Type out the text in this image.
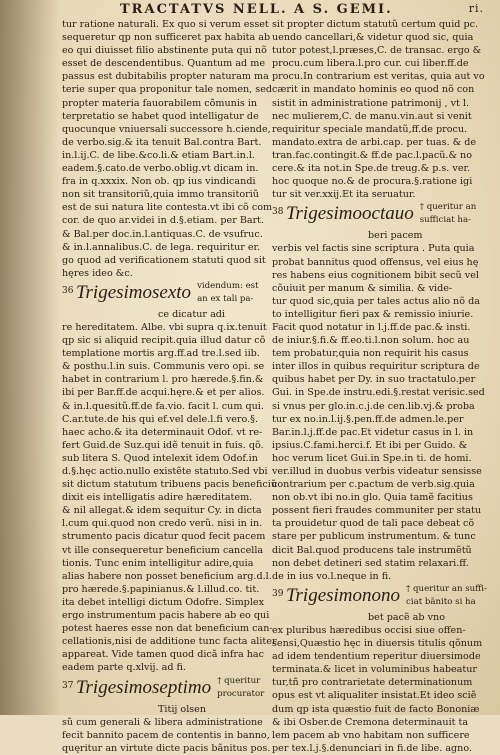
TRACTATVS NELL. A S. GEMI.	ri.
tur ratione naturali. Ex quo si verum esset
sequeretur qp non sufficeret pax habita ab
eo qui diuisset filio abstinente puta qui nõ
esset de descendentibus. Quantum ad me
passus est dubitabilis propter naturam ma
terie super qua proponitur tale nomen, sed
propter materia fauorabilem cõmunis in
terpretatio se habet quod intelligatur de
quocunque vniuersali successore h.ciende,
de verbo.sig.& ita tenuit Bal.contra Bart.
in.l.ij.C. de libe.&co.li.& etiam Bart.in.l.
eadem.§.cato.de verbo.oblig.vt dicam in.
fra in q.xxxix. Non ob. qp ius vindicandi
non sit transitoriũ,quia immo transitoriũ
est de sui natura lite contesta.vt ibi cõ com
cor. de quo ar.videi in d.§.etiam. per Bart.
& Bal.per doc.in.l.antiquas.C. de vsufruc.
& in.l.annalibus.C. de lega. requiritur er.
go quod ad verificationem statuti quod sit
hęres ideo &c.
36 Trigesimosexto videndum: est
an ex tali pa-
ce dicatur adi
re hereditatem. Albe. vbi supra q.ix.tenuit
qp sic si aliquid recipit.quia illud datur cõ
templatione mortis arg.ff.ad tre.l.sed iib.
& posthu.l.in suis. Communis vero opi. se
habet in contrarium l. pro hærede.§.fin.&
ibi per Bar.ff.de acqui.hęre.& et per alios.
& in.l.quesitũ.ff.de fa.vio. facit l. cum qui.
C.ar.tute.de his qui ef.vel dele.l.fi vero.§.
haec acho.& ita determinauit Odof. vt re-
fert Guid.de Suz.qui idẽ tenuit in fuis. qõ.
sub litera S. Quod intelexit idem Odof.in
d.§.hęc actio.nullo existẽte statuto.Sed vbi
sit dictum statutum tribuens pacis beneficiũ
dixit eis intelligatis adire hæreditatem.
& nil allegat.& idem sequitur Cy. in dicta
l.cum qui.quod non credo verũ. nisi in in.
strumento pacis dicatur quod fecit pacem
vt ille consequeretur beneficium cancella
tionis. Tunc enim intelligitur adire,quia
alias habere non posset beneficium arg.d.l.
pro hærede.§.papinianus.& l.illud.co. tit.
ita debet intelligi dictum Odofre. Simplex
ergo instrumentum pacis habere ab eo qui
potest haeres esse non dat beneficium can-
cellationis,nisi de additione tunc facta aliter
appareat. Vide tamen quod dicã infra hac
eadem parte q.xlvij. ad fi.
37 Trigesimoseptimo † queritur
procurator
Titij olsen
sũ cum generali & libera administratione
fecit bannito pacem de contentis in banno,
quęritur an virtute dicte pacis bãnitus pos.
sit propter dictum statutũ certum quid pc.
uendo cancellari,& videtur quod sic, quia
tutor potest,l.præses,C. de transac. ergo &
procu.cum libera.l.pro cur. cui liber.ff.de
procu.In contrarium est veritas, quia aut vo
cærit in mandato hominis eo quod nõ con
sistit in administratione patrimonij , vt l.
nec mulierem,C. de manu.vin.aut si venit
requiritur speciale mandatũ,ff.de procu.
mandato.extra de arbi.cap. per tuas. & de
tran.fac.contingit.& ff.de pac.l.pacũ.& no
cere.& ita not.in Spe.de treug.& p.s. ver.
hoc quoque no.& de procura.§.ratione igi
tur sit ver.xxij.Et ita seruatur.
38 Trigesimooctauo † queritur an
sufficiat ha-
beri pacem
verbis vel factis sine scriptura . Puta quia
probat bannitus quod offensus, vel eius hę
res habens eius cognitionem bibit secũ vel
cõuiuit per manum & similia. & vide-
tur quod sic,quia per tales actus alio nõ da
to intelligitur fieri pax & remissio iniurie.
Facit quod notatur in l.j.ff.de pac.& insti.
de iniur.§.fi.& ff.eo.ti.l.non solum. hoc au
tem probatur,quia non requirit his casus
inter illos in quibus requiritur scriptura de
quibus habet per Dy. in suo tractatulo.per
Gui. in Spe.de instru.edi.§.restat verisic.sed
si vnus per glo.in.c.j.de cen.lib.vj.& proba
tur ex no.in.l.ij.§.pen.ff.de admen.le.per
Bar.in.l.j.ff.de pac.Et videtur casus in l. in
ipsius.C.fami.herci.f. Et ibi per Guido. &
hoc verum licet Gui.in Spe.in ti. de homi.
ver.illud in duobus verbis videatur sensisse
contrarium per c.pactum de verb.sig.quia
non ob.vt ibi no.in glo. Quia tamẽ facitius
possent fieri fraudes communiter per statu
ta prouidetur quod de tali pace debeat cõ
stare per publicum instrumentum. & tunc
dicit Bal.quod producens tale instrumẽtũ
non debet detineri sed statim relaxari.ff.
de in ius vo.l.neque in fi.
39 Trigesimonono † queritur an suffi-
ciat bãnito si ha
bet pacẽ ab vno
ex pluribus hæredibus occisi siue offen-
sensi,Quæstio hęc in diuersis titulis qõnum
ad idem tendentium reperitur diuersimode
terminata.& licet in voluminibus habeatur
tur,tñ pro contrarietate determinationum
opus est vt aliqualiter insistat.Et ideo sciẽ
dum qp ista quæstio fuit de facto Bononiæ
& ibi Osber.de Cremona determinauit ta
lem pacem ab vno habitam non sufficere
per tex.l.j.§.denunciari in fi.de libe. agno.
